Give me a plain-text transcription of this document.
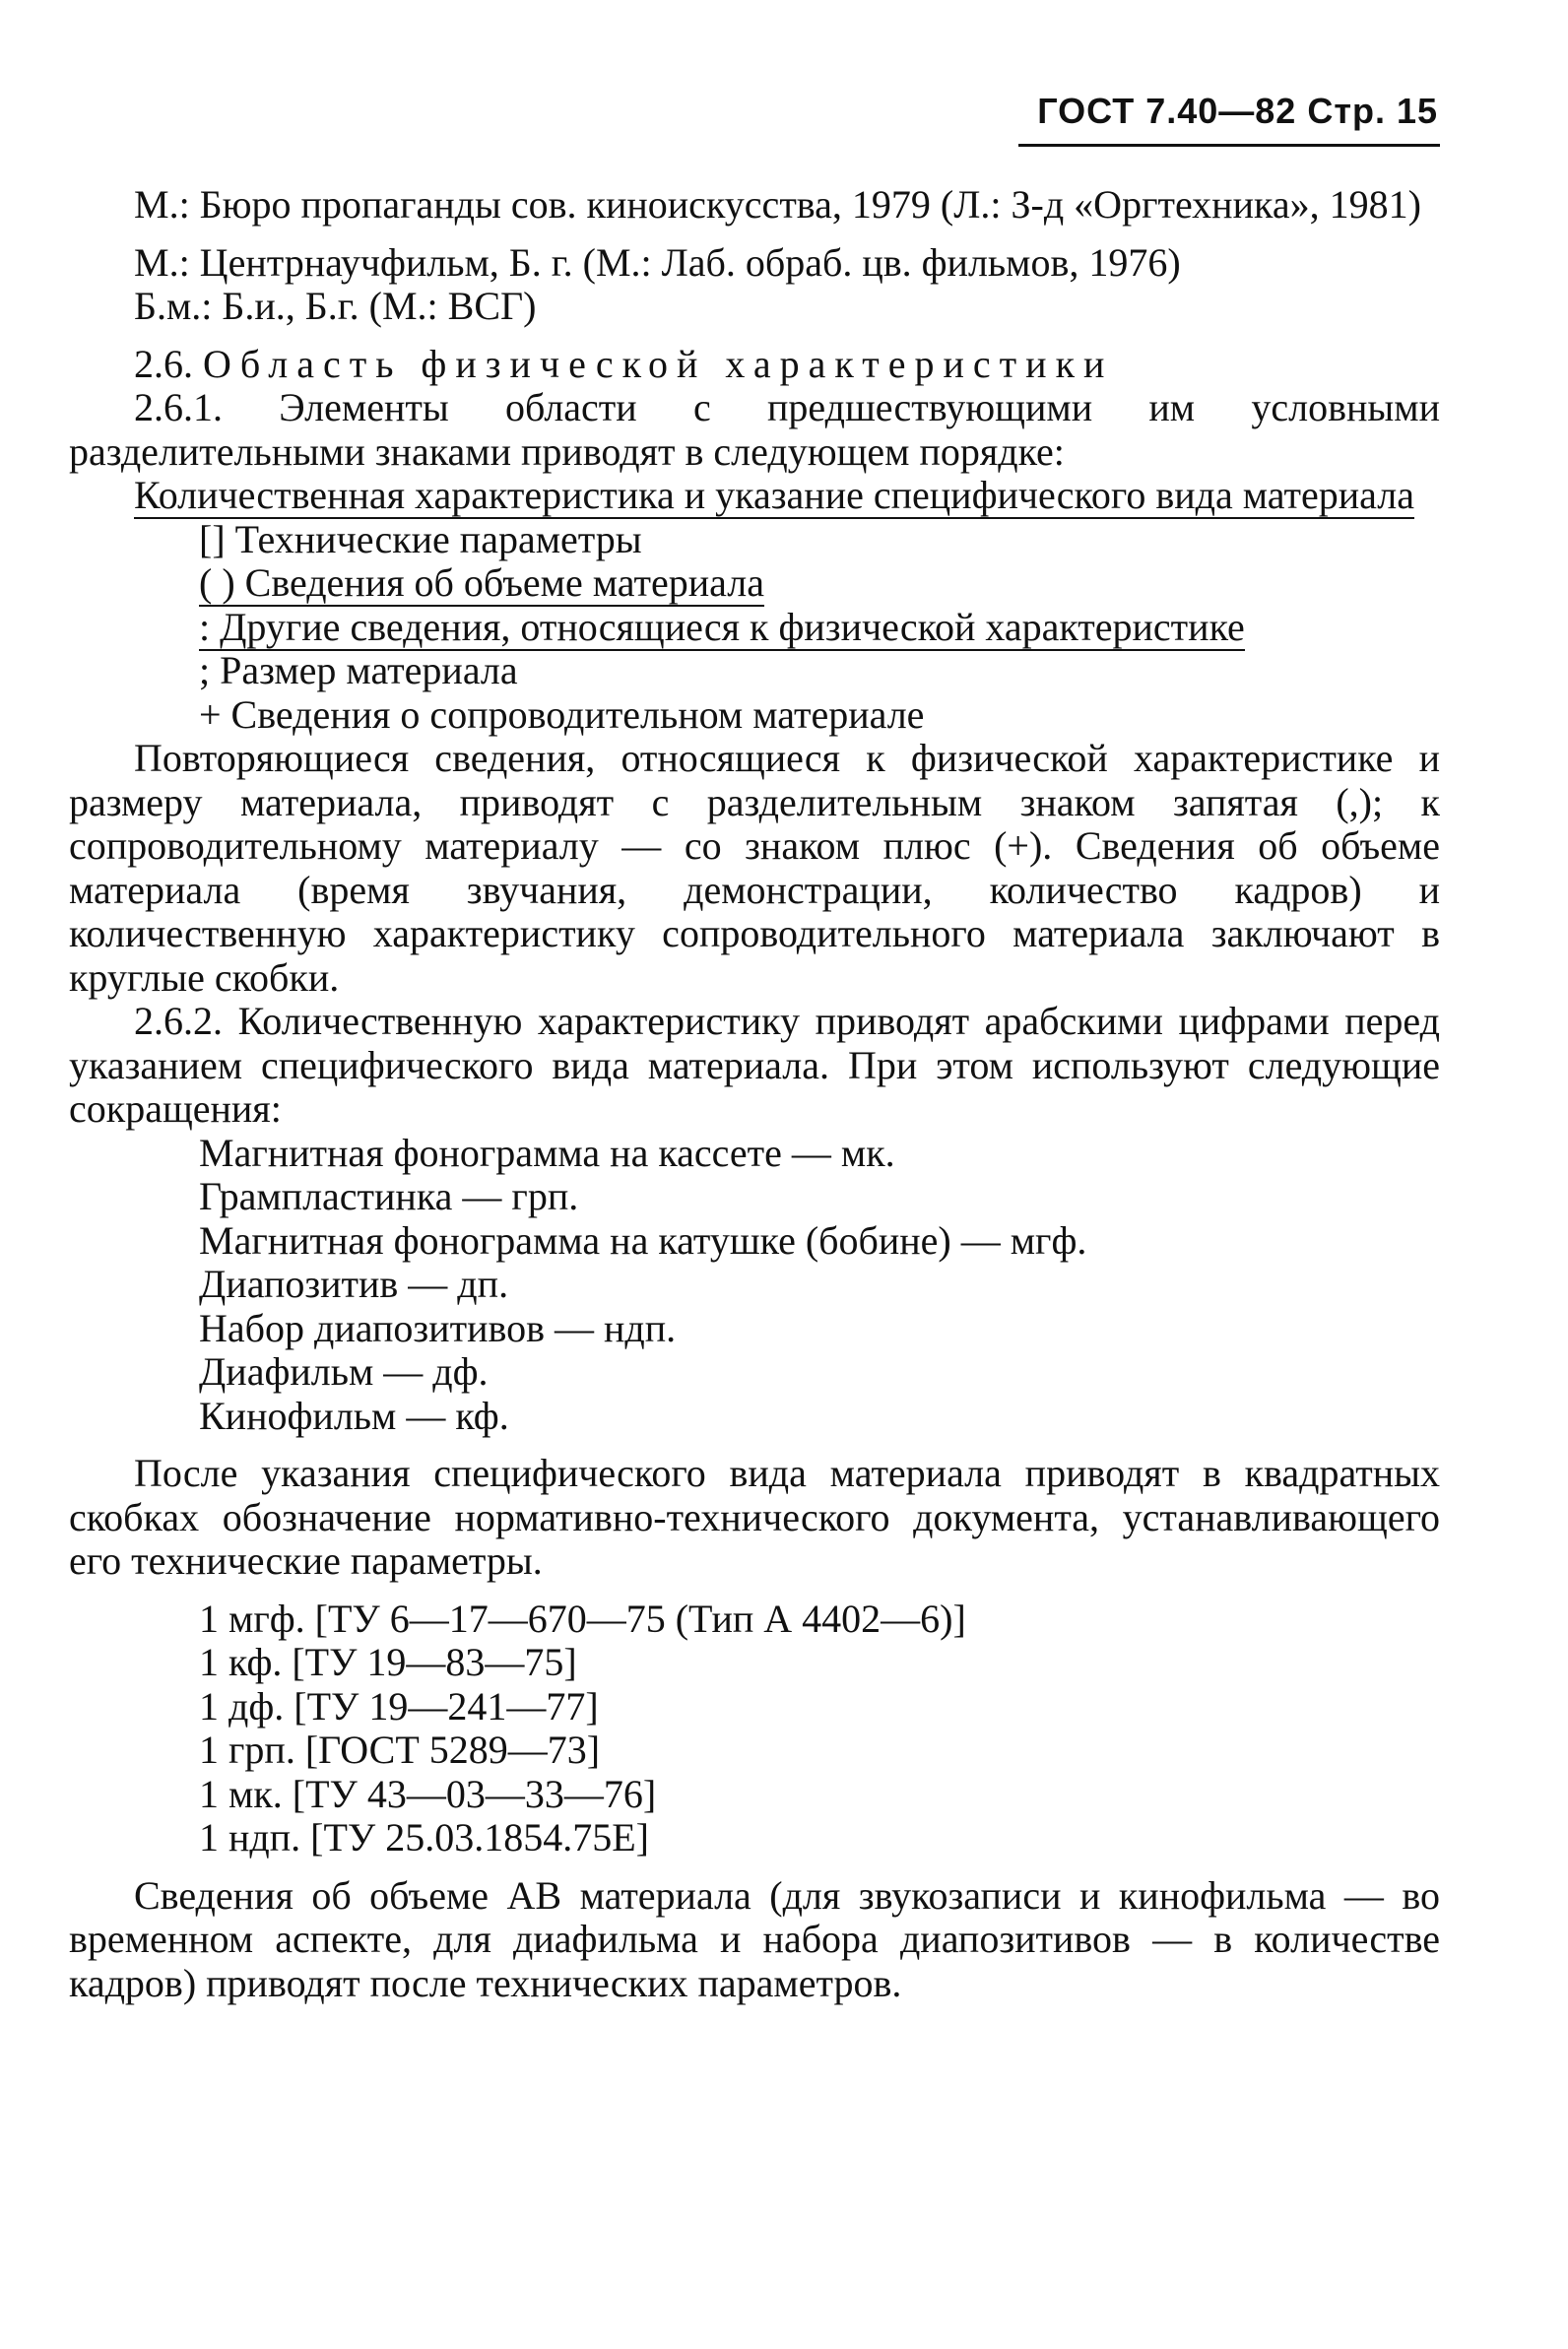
ГОСТ 7.40—82 Стр. 15

М.: Бюро пропаганды сов. киноискусства, 1979 (Л.: З-д «Оргтехника», 1981)

М.: Центрнаучфильм, Б. г. (М.: Лаб. обраб. цв. фильмов, 1976)

Б.м.: Б.и., Б.г. (М.: ВСГ)

2.6. Область физической характеристики

2.6.1. Элементы области с предшествующими им условными разделительными знаками приводят в следующем порядке:

Количественная характеристика и указание специфического вида материала

[] Технические параметры

( ) Сведения об объеме материала

: Другие сведения, относящиеся к физической характеристике

; Размер материала

+ Сведения о сопроводительном материале

Повторяющиеся сведения, относящиеся к физической характеристике и размеру материала, приводят с разделительным знаком запятая (,); к сопроводительному материалу — со знаком плюс (+). Сведения об объеме материала (время звучания, демонстрации, количество кадров) и количественную характеристику сопроводительного материала заключают в круглые скобки.

2.6.2. Количественную характеристику приводят арабскими цифрами перед указанием специфического вида материала. При этом используют следующие сокращения:

Магнитная фонограмма на кассете — мк.

Грампластинка — грп.

Магнитная фонограмма на катушке (бобине) — мгф.

Диапозитив — дп.

Набор диапозитивов — ндп.

Диафильм — дф.

Кинофильм — кф.

После указания специфического вида материала приводят в квадратных скобках обозначение нормативно-технического документа, устанавливающего его технические параметры.

1 мгф. [ТУ 6—17—670—75 (Тип А 4402—6)]

1 кф. [ТУ 19—83—75]

1 дф. [ТУ 19—241—77]

1 грп. [ГОСТ 5289—73]

1 мк. [ТУ 43—03—33—76]

1 ндп. [ТУ 25.03.1854.75Е]

Сведения об объеме АВ материала (для звукозаписи и кинофильма — во временном аспекте, для диафильма и набора диапозитивов — в количестве кадров) приводят после технических параметров.
